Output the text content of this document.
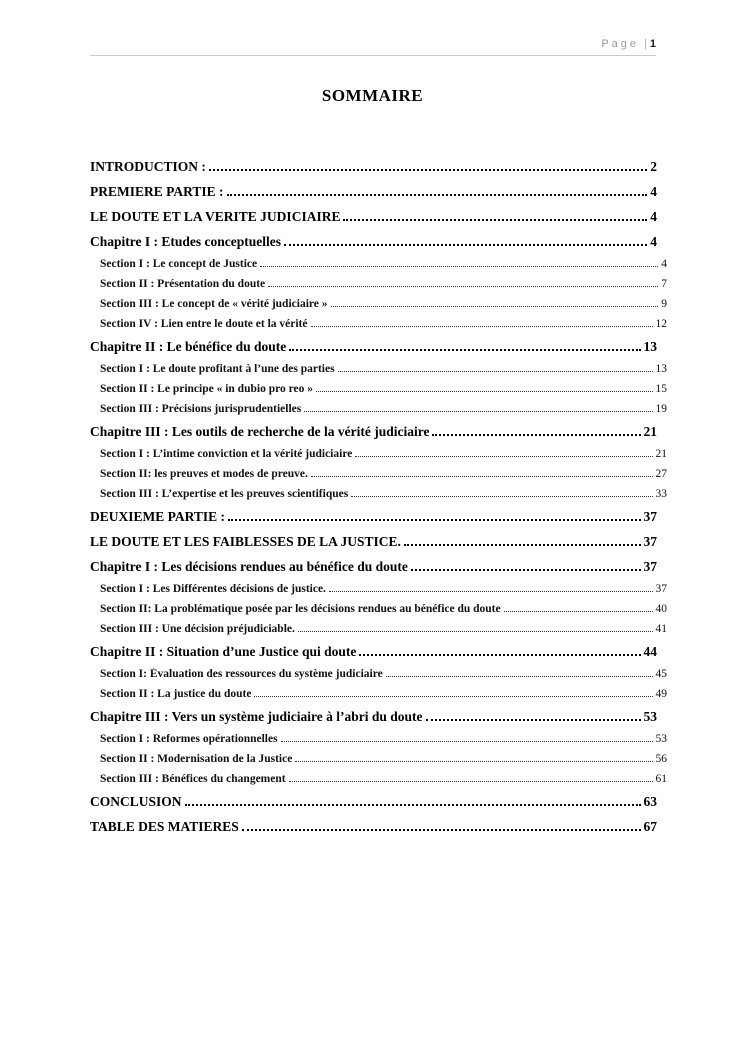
Page | 1
SOMMAIRE
INTRODUCTION :	2
PREMIERE PARTIE :	4
LE DOUTE ET LA VERITE JUDICIAIRE	4
Chapitre I : Etudes conceptuelles	4
Section I : Le concept de Justice	4
Section II : Présentation du doute	7
Section III : Le concept de « vérité judiciaire »	9
Section IV : Lien entre le doute et la vérité	12
Chapitre II : Le bénéfice du doute	13
Section I : Le doute profitant à l’une des parties	13
Section II : Le principe « in dubio pro reo »	15
Section III : Précisions jurisprudentielles	19
Chapitre III : Les outils de recherche de la vérité judiciaire	21
Section I : L’intime conviction et la vérité judiciaire	21
Section II: les preuves et modes de preuve.	27
Section III : L’expertise et les preuves scientifiques	33
DEUXIEME PARTIE :	37
LE DOUTE ET LES FAIBLESSES DE LA JUSTICE.	37
Chapitre I : Les décisions rendues au bénéfice du doute	37
Section I : Les Différentes décisions de justice.	37
Section II: La problématique posée par les décisions rendues au bénéfice du doute	40
Section III : Une décision préjudiciable.	41
Chapitre II : Situation d’une Justice qui doute	44
Section I: Évaluation des ressources du système judiciaire	45
Section II : La justice du doute	49
Chapitre III : Vers un système judiciaire à l’abri du doute	53
Section I : Reformes opérationnelles	53
Section II : Modernisation de la Justice	56
Section III : Bénéfices du changement	61
CONCLUSION	63
TABLE DES MATIERES	67
